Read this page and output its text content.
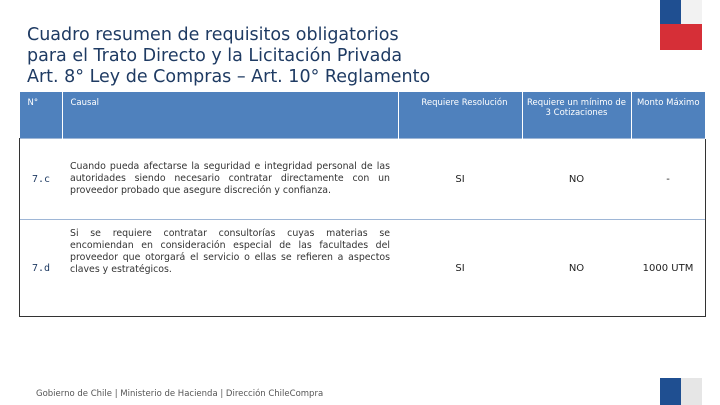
Cuadro resumen de requisitos obligatorios
para el Trato Directo y la Licitación Privada
Art. 8° Ley de Compras – Art. 10° Reglamento
N°	Causal	Requiere Resolución	Requiere un mínimo de 3 Cotizaciones	Monto Máximo
7.c	Cuando pueda afectarse la seguridad e integridad personal de las autoridades siendo necesario contratar directamente con un proveedor probado que asegure discreción y confianza.	SI	NO	-
7.d	Si se requiere contratar consultorías cuyas materias se encomiendan en consideración especial de las facultades del proveedor que otorgará el servicio o ellas se refieren a aspectos claves y estratégicos.	SI	NO	1000 UTM
Gobierno de Chile | Ministerio de Hacienda | Dirección ChileCompra
